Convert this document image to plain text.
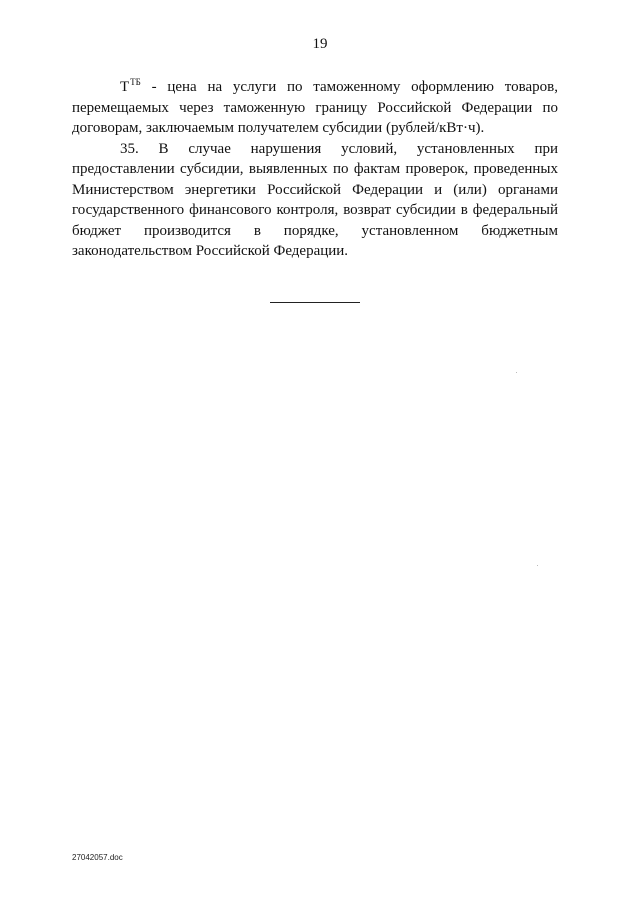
19

$Т^{ТБ}$ - цена на услуги по таможенному оформлению товаров, перемещаемых через таможенную границу Российской Федерации по договорам, заключаемым получателем субсидии (рублей/кВт·ч).

35. В случае нарушения условий, установленных при предоставлении субсидии, выявленных по фактам проверок, проведенных Министерством энергетики Российской Федерации и (или) органами государственного финансового контроля, возврат субсидии в федеральный бюджет производится в порядке, установленном бюджетным законодательством Российской Федерации.

27042057.doc
